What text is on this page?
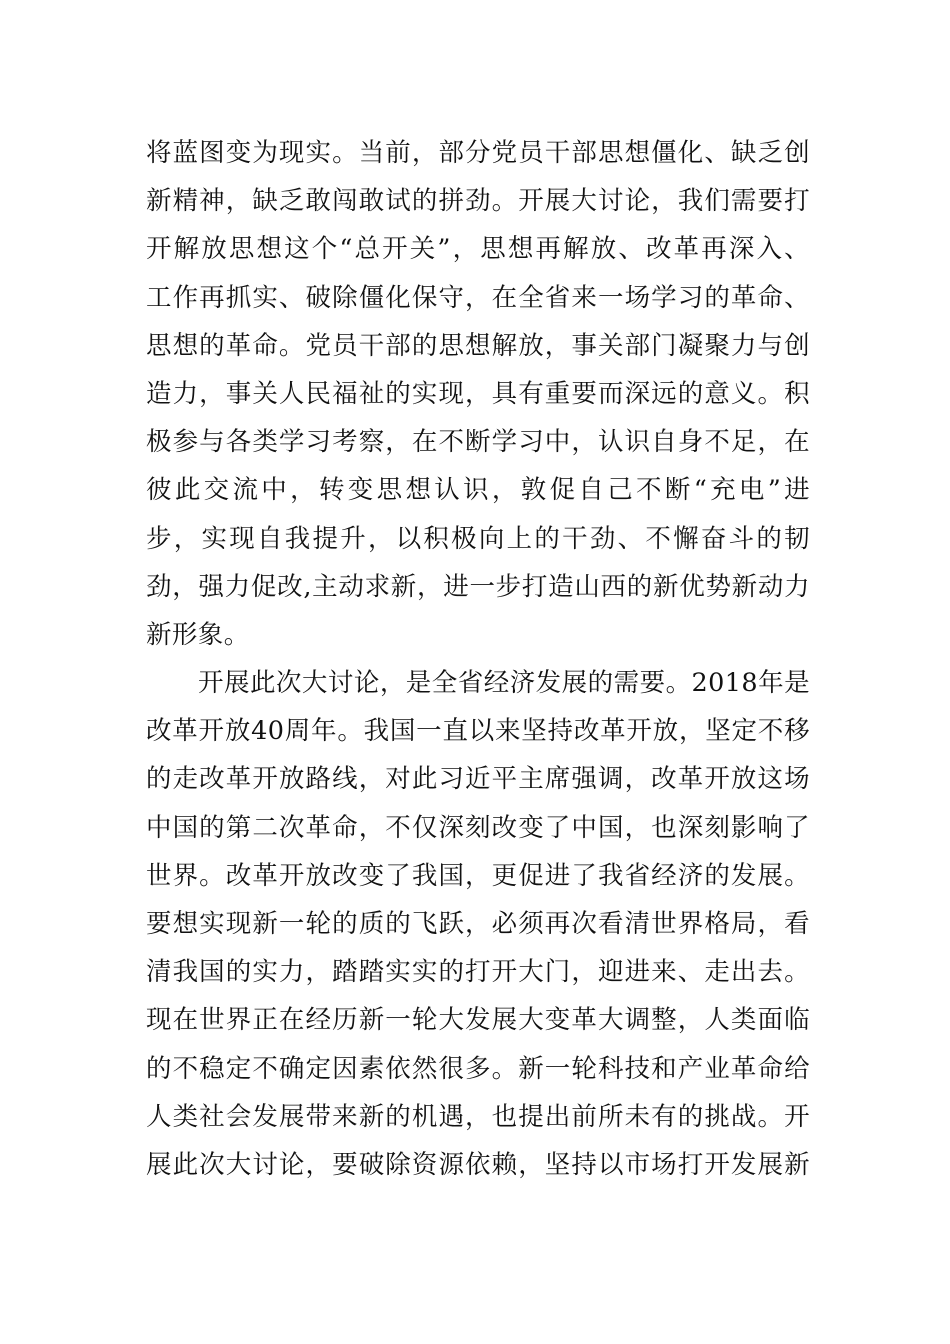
将蓝图变为现实。当前，部分党员干部思想僵化、缺乏创
新精神，缺乏敢闯敢试的拼劲。开展大讨论，我们需要打
开解放思想这个“总开关”，思想再解放、改革再深入、
工作再抓实、破除僵化保守，在全省来一场学习的革命、
思想的革命。党员干部的思想解放，事关部门凝聚力与创
造力，事关人民福祉的实现，具有重要而深远的意义。积
极参与各类学习考察，在不断学习中，认识自身不足，在
彼此交流中，转变思想认识，敦促自己不断“充电”进
步，实现自我提升，以积极向上的干劲、不懈奋斗的韧
劲，强力促改,主动求新，进一步打造山西的新优势新动力
新形象。
开展此次大讨论，是全省经济发展的需要。2018年是
改革开放40周年。我国一直以来坚持改革开放，坚定不移
的走改革开放路线，对此习近平主席强调，改革开放这场
中国的第二次革命，不仅深刻改变了中国，也深刻影响了
世界。改革开放改变了我国，更促进了我省经济的发展。
要想实现新一轮的质的飞跃，必须再次看清世界格局，看
清我国的实力，踏踏实实的打开大门，迎进来、走出去。
现在世界正在经历新一轮大发展大变革大调整，人类面临
的不稳定不确定因素依然很多。新一轮科技和产业革命给
人类社会发展带来新的机遇，也提出前所未有的挑战。开
展此次大讨论，要破除资源依赖，坚持以市场打开发展新
